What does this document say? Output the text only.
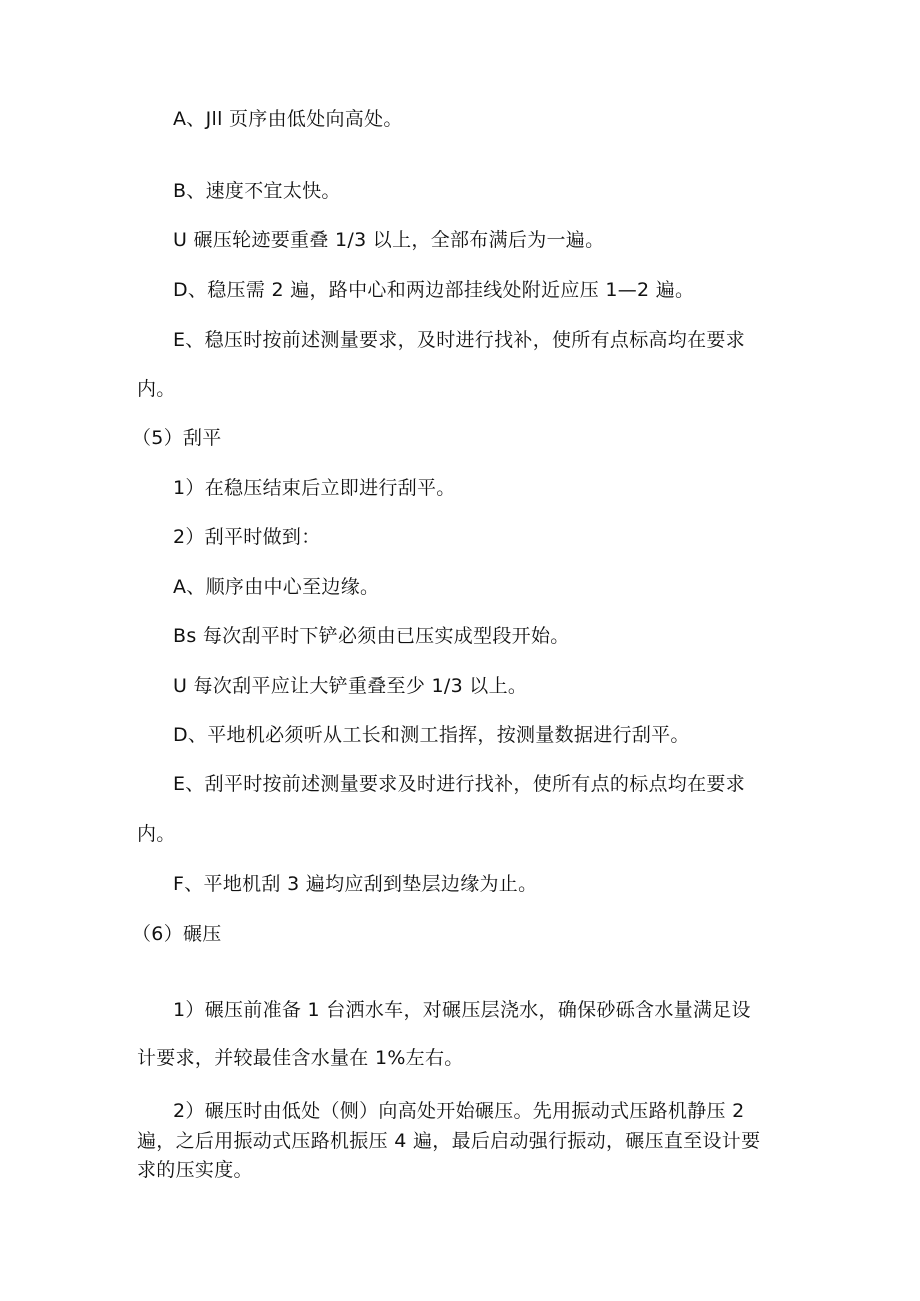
A、Jll 页序由低处向高处。
B、速度不宜太快。
U 碾压轮迹要重叠 1/3 以上，全部布满后为一遍。
D、稳压需 2 遍，路中心和两边部挂线处附近应压 1—2 遍。
E、稳压时按前述测量要求，及时进行找补，使所有点标高均在要求
内。
（5）刮平
1）在稳压结束后立即进行刮平。
2）刮平时做到：
A、顺序由中心至边缘。
Bs 每次刮平时下铲必须由已压实成型段开始。
U 每次刮平应让大铲重叠至少 1/3 以上。
D、平地机必须听从工长和测工指挥，按测量数据进行刮平。
E、刮平时按前述测量要求及时进行找补，使所有点的标点均在要求
内。
F、平地机刮 3 遍均应刮到垫层边缘为止。
（6）碾压
1）碾压前准备 1 台洒水车，对碾压层浇水，确保砂砾含水量满足设
计要求，并较最佳含水量在 1%左右。
2）碾压时由低处（侧）向高处开始碾压。先用振动式压路机静压 2
遍，之后用振动式压路机振压 4 遍，最后启动强行振动，碾压直至设计要
求的压实度。
